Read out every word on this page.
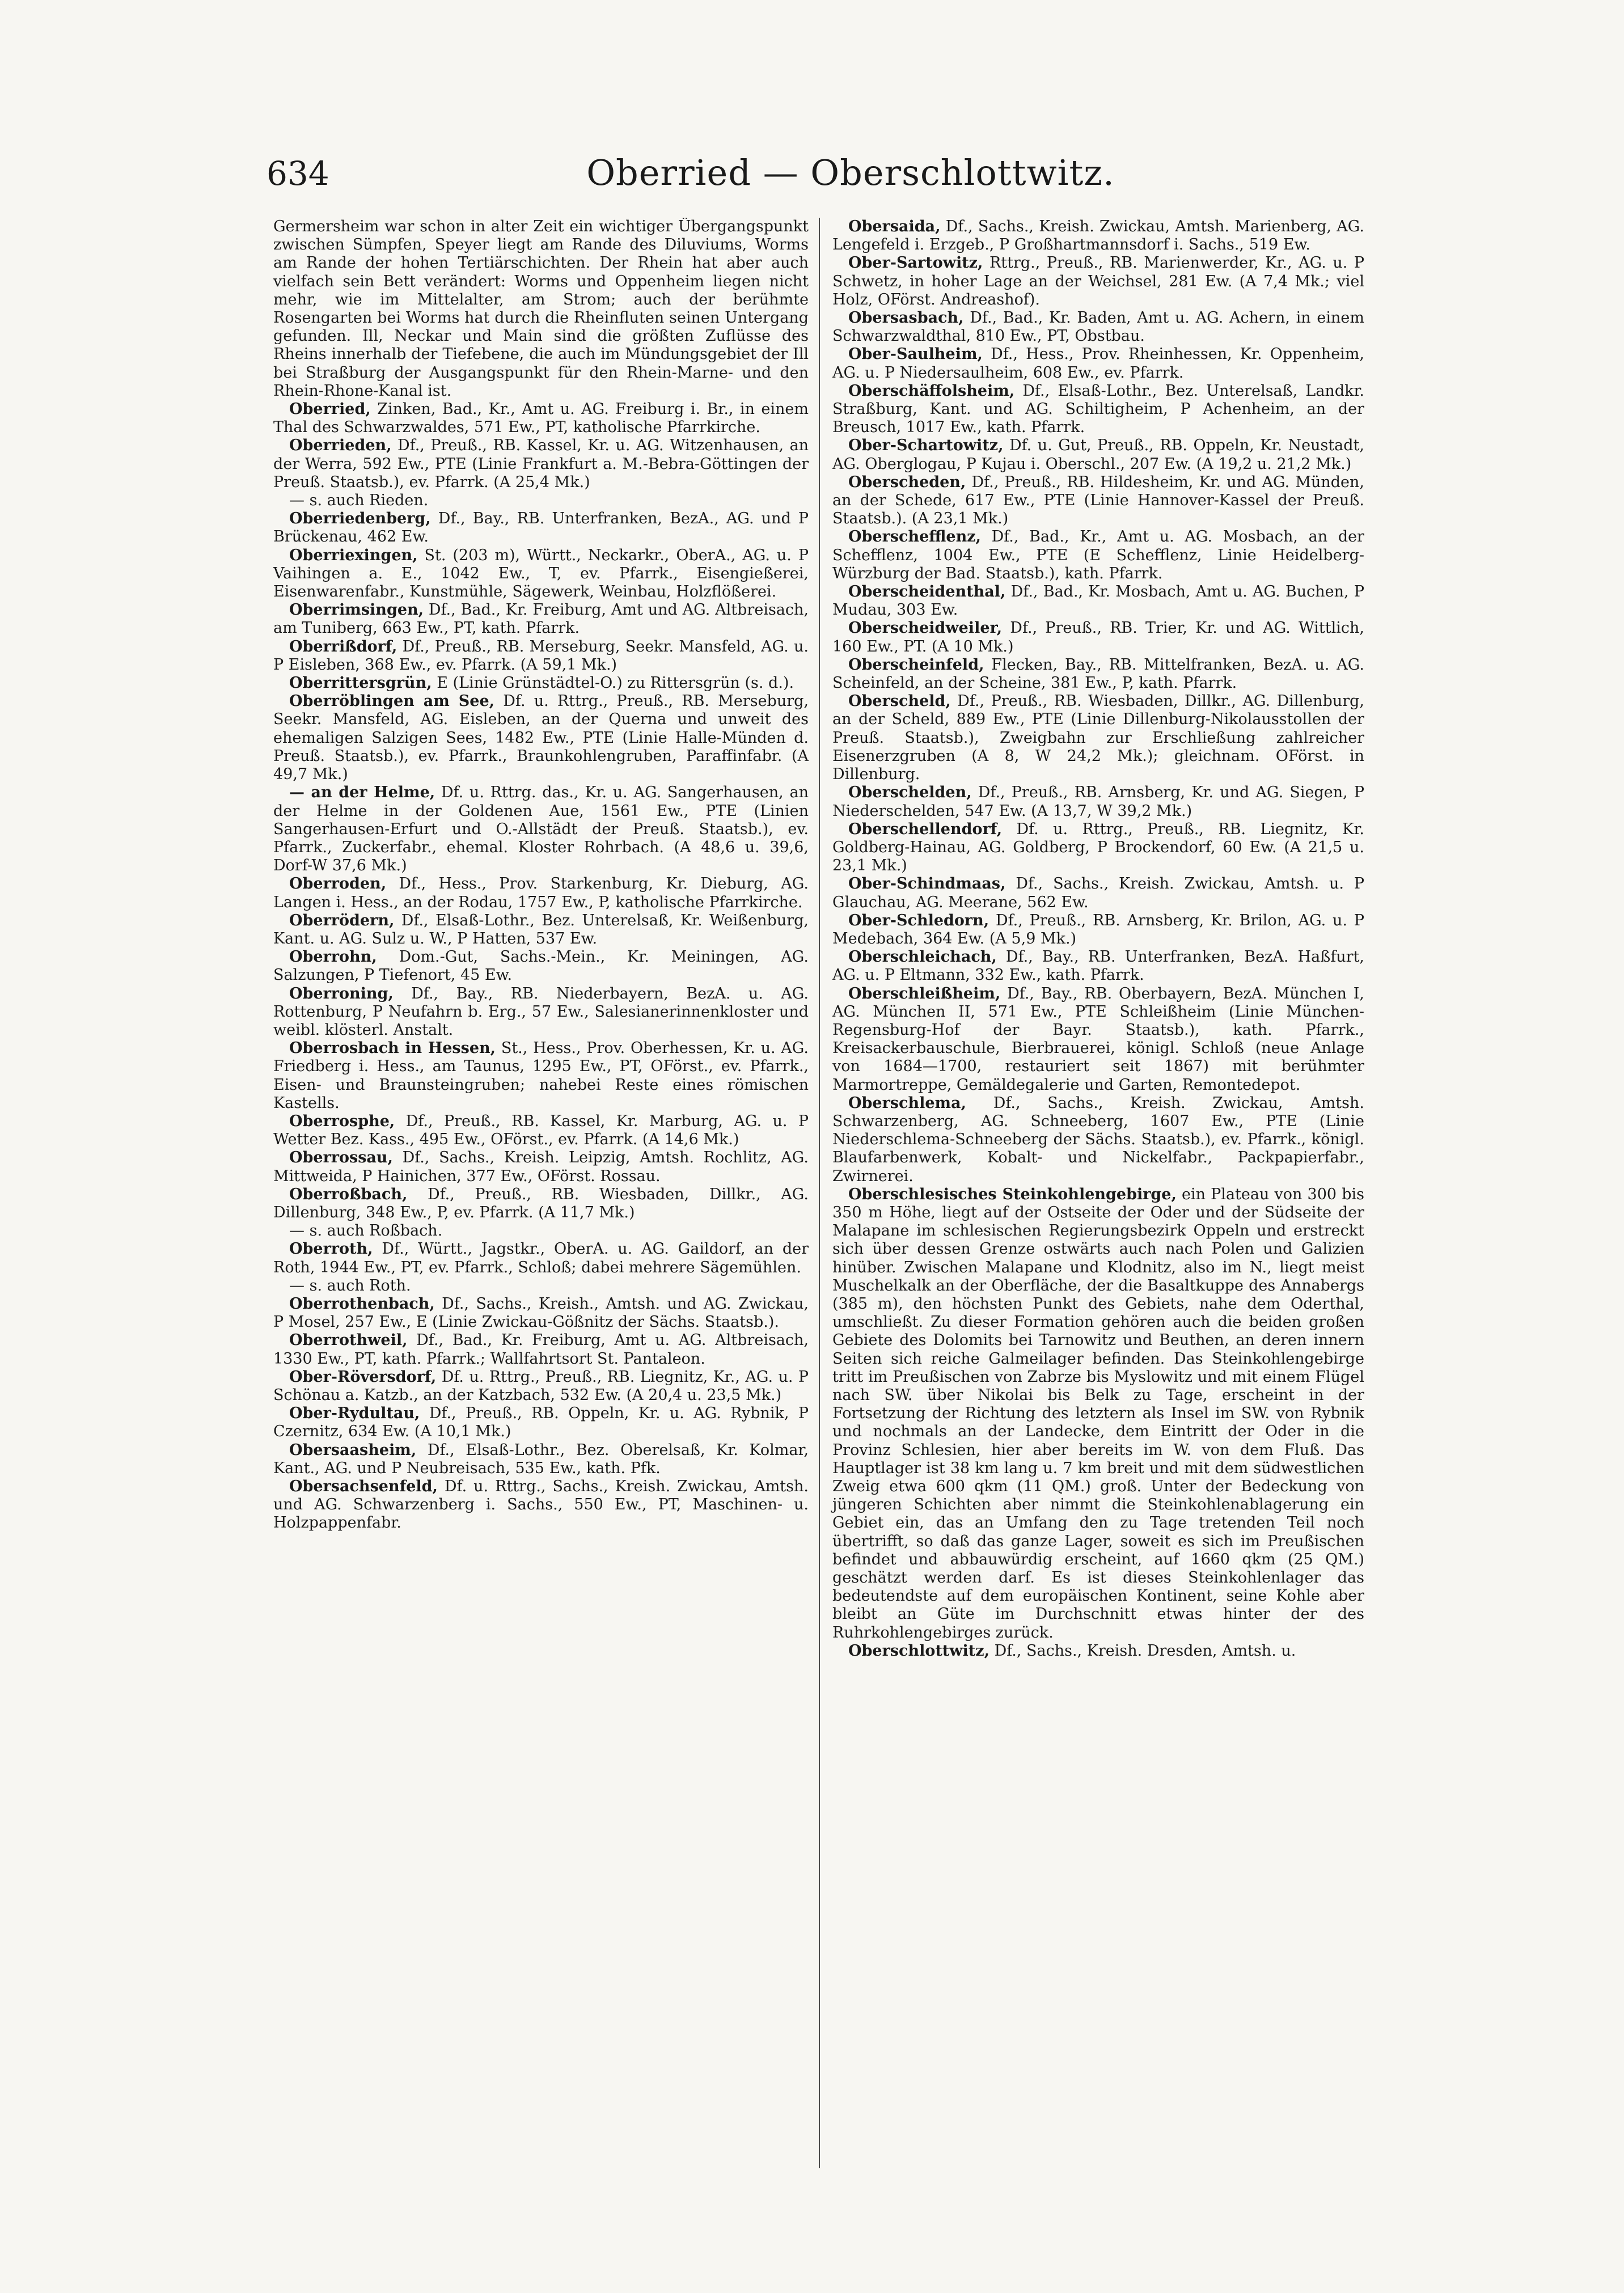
634	Oberried — Oberschlottwitz.

Germersheim war schon in alter Zeit ein wichtiger Übergangspunkt zwischen Sümpfen, Speyer liegt am Rande des Diluviums, Worms am Rande der hohen Tertiärschichten. Der Rhein hat aber auch vielfach sein Bett verändert: Worms und Oppenheim liegen nicht mehr, wie im Mittelalter, am Strom; auch der berühmte Rosengarten bei Worms hat durch die Rheinfluten seinen Untergang gefunden. Ill, Neckar und Main sind die größten Zuflüsse des Rheins innerhalb der Tiefebene, die auch im Mündungsgebiet der Ill bei Straßburg der Ausgangspunkt für den Rhein-Marne- und den Rhein-Rhone-Kanal ist.

Oberried, Zinken, Bad., Kr., Amt u. AG. Freiburg i. Br., in einem Thal des Schwarzwaldes, 571 Ew., PT, katholische Pfarrkirche.

Oberrieden, Df., Preuß., RB. Kassel, Kr. u. AG. Witzenhausen, an der Werra, 592 Ew., PTE (Linie Frankfurt a. M.-Bebra-Göttingen der Preuß. Staatsb.), ev. Pfarrk. (A 25,4 Mk.)

— s. auch Rieden.

Oberriedenberg, Df., Bay., RB. Unterfranken, BezA., AG. und P Brückenau, 462 Ew.

Oberriexingen, St. (203 m), Württ., Neckarkr., OberA., AG. u. P Vaihingen a. E., 1042 Ew., T, ev. Pfarrk., Eisengießerei, Eisenwarenfabr., Kunstmühle, Sägewerk, Weinbau, Holzflößerei.

Oberrimsingen, Df., Bad., Kr. Freiburg, Amt und AG. Altbreisach, am Tuniberg, 663 Ew., PT, kath. Pfarrk.

Oberrißdorf, Df., Preuß., RB. Merseburg, Seekr. Mansfeld, AG. u. P Eisleben, 368 Ew., ev. Pfarrk. (A 59,1 Mk.)

Oberrittersgrün, E (Linie Grünstädtel-O.) zu Rittersgrün (s. d.).

Oberröblingen am See, Df. u. Rttrg., Preuß., RB. Merseburg, Seekr. Mansfeld, AG. Eisleben, an der Querna und unweit des ehemaligen Salzigen Sees, 1482 Ew., PTE (Linie Halle-Münden d. Preuß. Staatsb.), ev. Pfarrk., Braunkohlengruben, Paraffinfabr. (A 49,7 Mk.)

— an der Helme, Df. u. Rttrg. das., Kr. u. AG. Sangerhausen, an der Helme in der Goldenen Aue, 1561 Ew., PTE (Linien Sangerhausen-Erfurt und O.-Allstädt der Preuß. Staatsb.), ev. Pfarrk., Zuckerfabr., ehemal. Kloster Rohrbach. (A 48,6 u. 39,6, Dorf-W 37,6 Mk.)

Oberroden, Df., Hess., Prov. Starkenburg, Kr. Dieburg, AG. Langen i. Hess., an der Rodau, 1757 Ew., P, katholische Pfarrkirche.

Oberrödern, Df., Elsaß-Lothr., Bez. Unterelsaß, Kr. Weißenburg, Kant. u. AG. Sulz u. W., P Hatten, 537 Ew.

Oberrohn, Dom.-Gut, Sachs.-Mein., Kr. Meiningen, AG. Salzungen, P Tiefenort, 45 Ew.

Oberroning, Df., Bay., RB. Niederbayern, BezA. u. AG. Rottenburg, P Neufahrn b. Erg., 57 Ew., Salesianerinnenkloster und weibl. klösterl. Anstalt.

Oberrosbach in Hessen, St., Hess., Prov. Oberhessen, Kr. u. AG. Friedberg i. Hess., am Taunus, 1295 Ew., PT, OFörst., ev. Pfarrk., Eisen- und Braunsteingruben; nahebei Reste eines römischen Kastells.

Oberrosphe, Df., Preuß., RB. Kassel, Kr. Marburg, AG. u. P Wetter Bez. Kass., 495 Ew., OFörst., ev. Pfarrk. (A 14,6 Mk.)

Oberrossau, Df., Sachs., Kreish. Leipzig, Amtsh. Rochlitz, AG. Mittweida, P Hainichen, 377 Ew., OFörst. Rossau.

Oberroßbach, Df., Preuß., RB. Wiesbaden, Dillkr., AG. Dillenburg, 348 Ew., P, ev. Pfarrk. (A 11,7 Mk.)

— s. auch Roßbach.

Oberroth, Df., Württ., Jagstkr., OberA. u. AG. Gaildorf, an der Roth, 1944 Ew., PT, ev. Pfarrk., Schloß; dabei mehrere Sägemühlen.

— s. auch Roth.

Oberrothenbach, Df., Sachs., Kreish., Amtsh. und AG. Zwickau, P Mosel, 257 Ew., E (Linie Zwickau-Gößnitz der Sächs. Staatsb.).

Oberrothweil, Df., Bad., Kr. Freiburg, Amt u. AG. Altbreisach, 1330 Ew., PT, kath. Pfarrk.; Wallfahrtsort St. Pantaleon.

Ober-Röversdorf, Df. u. Rttrg., Preuß., RB. Liegnitz, Kr., AG. u. P Schönau a. Katzb., an der Katzbach, 532 Ew. (A 20,4 u. 23,5 Mk.)

Ober-Rydultau, Df., Preuß., RB. Oppeln, Kr. u. AG. Rybnik, P Czernitz, 634 Ew. (A 10,1 Mk.)

Obersaasheim, Df., Elsaß-Lothr., Bez. Oberelsaß, Kr. Kolmar, Kant., AG. und P Neubreisach, 535 Ew., kath. Pfk.

Obersachsenfeld, Df. u. Rttrg., Sachs., Kreish. Zwickau, Amtsh. und AG. Schwarzenberg i. Sachs., 550 Ew., PT, Maschinen- u. Holzpappenfabr.

Obersaida, Df., Sachs., Kreish. Zwickau, Amtsh. Marienberg, AG. Lengefeld i. Erzgeb., P Großhartmannsdorf i. Sachs., 519 Ew.

Ober-Sartowitz, Rttrg., Preuß., RB. Marienwerder, Kr., AG. u. P Schwetz, in hoher Lage an der Weichsel, 281 Ew. (A 7,4 Mk.; viel Holz, OFörst. Andreashof).

Obersasbach, Df., Bad., Kr. Baden, Amt u. AG. Achern, in einem Schwarzwaldthal, 810 Ew., PT, Obstbau.

Ober-Saulheim, Df., Hess., Prov. Rheinhessen, Kr. Oppenheim, AG. u. P Niedersaulheim, 608 Ew., ev. Pfarrk.

Oberschäffolsheim, Df., Elsaß-Lothr., Bez. Unterelsaß, Landkr. Straßburg, Kant. und AG. Schiltigheim, P Achenheim, an der Breusch, 1017 Ew., kath. Pfarrk.

Ober-Schartowitz, Df. u. Gut, Preuß., RB. Oppeln, Kr. Neustadt, AG. Oberglogau, P Kujau i. Oberschl., 207 Ew. (A 19,2 u. 21,2 Mk.)

Oberscheden, Df., Preuß., RB. Hildesheim, Kr. und AG. Münden, an der Schede, 617 Ew., PTE (Linie Hannover-Kassel der Preuß. Staatsb.). (A 23,1 Mk.)

Oberschefflenz, Df., Bad., Kr., Amt u. AG. Mosbach, an der Schefflenz, 1004 Ew., PTE (E Schefflenz, Linie Heidelberg-Würzburg der Bad. Staatsb.), kath. Pfarrk.

Oberscheidenthal, Df., Bad., Kr. Mosbach, Amt u. AG. Buchen, P Mudau, 303 Ew.

Oberscheidweiler, Df., Preuß., RB. Trier, Kr. und AG. Wittlich, 160 Ew., PT. (A 10 Mk.)

Oberscheinfeld, Flecken, Bay., RB. Mittelfranken, BezA. u. AG. Scheinfeld, an der Scheine, 381 Ew., P, kath. Pfarrk.

Oberscheld, Df., Preuß., RB. Wiesbaden, Dillkr., AG. Dillenburg, an der Scheld, 889 Ew., PTE (Linie Dillenburg-Nikolausstollen der Preuß. Staatsb.), Zweigbahn zur Erschließung zahlreicher Eisenerzgruben (A 8, W 24,2 Mk.); gleichnam. OFörst. in Dillenburg.

Oberschelden, Df., Preuß., RB. Arnsberg, Kr. und AG. Siegen, P Niederschelden, 547 Ew. (A 13,7, W 39,2 Mk.)

Oberschellendorf, Df. u. Rttrg., Preuß., RB. Liegnitz, Kr. Goldberg-Hainau, AG. Goldberg, P Brockendorf, 60 Ew. (A 21,5 u. 23,1 Mk.)

Ober-Schindmaas, Df., Sachs., Kreish. Zwickau, Amtsh. u. P Glauchau, AG. Meerane, 562 Ew.

Ober-Schledorn, Df., Preuß., RB. Arnsberg, Kr. Brilon, AG. u. P Medebach, 364 Ew. (A 5,9 Mk.)

Oberschleichach, Df., Bay., RB. Unterfranken, BezA. Haßfurt, AG. u. P Eltmann, 332 Ew., kath. Pfarrk.

Oberschleißheim, Df., Bay., RB. Oberbayern, BezA. München I, AG. München II, 571 Ew., PTE Schleißheim (Linie München-Regensburg-Hof der Bayr. Staatsb.), kath. Pfarrk., Kreisackerbauschule, Bierbrauerei, königl. Schloß (neue Anlage von 1684—1700, restauriert seit 1867) mit berühmter Marmortreppe, Gemäldegalerie und Garten, Remontedepot.

Oberschlema, Df., Sachs., Kreish. Zwickau, Amtsh. Schwarzenberg, AG. Schneeberg, 1607 Ew., PTE (Linie Niederschlema-Schneeberg der Sächs. Staatsb.), ev. Pfarrk., königl. Blaufarbenwerk, Kobalt- und Nickelfabr., Packpapierfabr., Zwirnerei.

Oberschlesisches Steinkohlengebirge, ein Plateau von 300 bis 350 m Höhe, liegt auf der Ostseite der Oder und der Südseite der Malapane im schlesischen Regierungsbezirk Oppeln und erstreckt sich über dessen Grenze ostwärts auch nach Polen und Galizien hinüber. Zwischen Malapane und Klodnitz, also im N., liegt meist Muschelkalk an der Oberfläche, der die Basaltkuppe des Annabergs (385 m), den höchsten Punkt des Gebiets, nahe dem Oderthal, umschließt. Zu dieser Formation gehören auch die beiden großen Gebiete des Dolomits bei Tarnowitz und Beuthen, an deren innern Seiten sich reiche Galmeilager befinden. Das Steinkohlengebirge tritt im Preußischen von Zabrze bis Myslowitz und mit einem Flügel nach SW. über Nikolai bis Belk zu Tage, erscheint in der Fortsetzung der Richtung des letztern als Insel im SW. von Rybnik und nochmals an der Landecke, dem Eintritt der Oder in die Provinz Schlesien, hier aber bereits im W. von dem Fluß. Das Hauptlager ist 38 km lang u. 7 km breit und mit dem südwestlichen Zweig etwa 600 qkm (11 QM.) groß. Unter der Bedeckung von jüngeren Schichten aber nimmt die Steinkohlenablagerung ein Gebiet ein, das an Umfang den zu Tage tretenden Teil noch übertrifft, so daß das ganze Lager, soweit es sich im Preußischen befindet und abbauwürdig erscheint, auf 1660 qkm (25 QM.) geschätzt werden darf. Es ist dieses Steinkohlenlager das bedeutendste auf dem europäischen Kontinent, seine Kohle aber bleibt an Güte im Durchschnitt etwas hinter der des Ruhrkohlengebirges zurück.

Oberschlottwitz, Df., Sachs., Kreish. Dresden, Amtsh. u.
